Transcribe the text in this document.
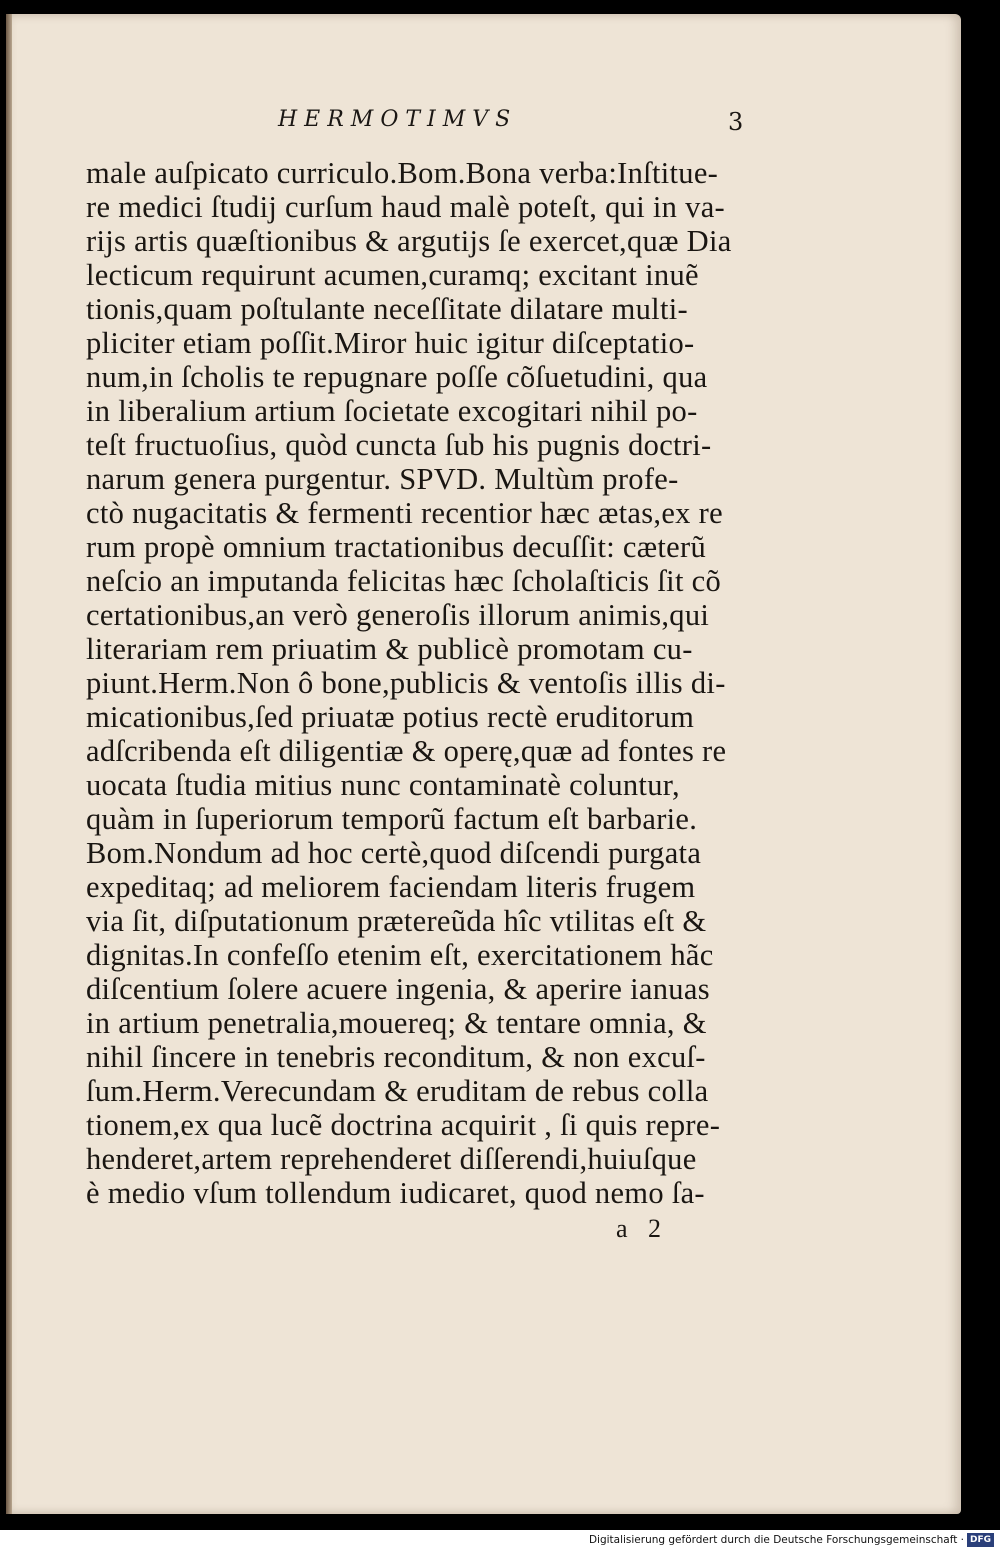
HERMOTIMVS	3
male auſpicato curriculo.Bom.Bona verba:Inſtitue-
re medici ſtudij curſum haud malè poteſt, qui in va-
rijs artis quæſtionibus & argutijs ſe exercet,quæ Dia
lecticum requirunt acumen,curamq; excitant inuẽ
tionis,quam poſtulante neceſſitate dilatare multi-
pliciter etiam poſſit.Miror huic igitur diſceptatio-
num,in ſcholis te repugnare poſſe cõſuetudini, qua
in liberalium artium ſocietate excogitari nihil po-
teſt fructuoſius, quòd cuncta ſub his pugnis doctri-
narum genera purgentur. SPVD. Multùm profe-
ctò nugacitatis & fermenti recentior hæc ætas,ex re
rum propè omnium tractationibus decuſſit: cæterũ
neſcio an imputanda felicitas hæc ſcholaſticis ſit cõ
certationibus,an verò generoſis illorum animis,qui
literariam rem priuatim & publicè promotam cu-
piunt.Herm.Non ô bone,publicis & ventoſis illis di-
micationibus,ſed priuatæ potius rectè eruditorum
adſcribenda eſt diligentiæ & operę,quæ ad fontes re
uocata ſtudia mitius nunc contaminatè coluntur,
quàm in ſuperiorum temporũ factum eſt barbarie.
Bom.Nondum ad hoc certè,quod diſcendi purgata
expeditaq; ad meliorem faciendam literis frugem
via ſit, diſputationum prætereũda hîc vtilitas eſt &
dignitas.In confeſſo etenim eſt, exercitationem hãc
diſcentium ſolere acuere ingenia, & aperire ianuas
in artium penetralia,mouereq; & tentare omnia, &
nihil ſincere in tenebris reconditum, & non excuſ-
ſum.Herm.Verecundam & eruditam de rebus colla
tionem,ex qua lucẽ doctrina acquirit , ſi quis repre-
henderet,artem reprehenderet diſſerendi,huiuſque
è medio vſum tollendum iudicaret, quod nemo ſa-
a 2
Digitalisierung gefördert durch die Deutsche Forschungsgemeinschaft · DFG
